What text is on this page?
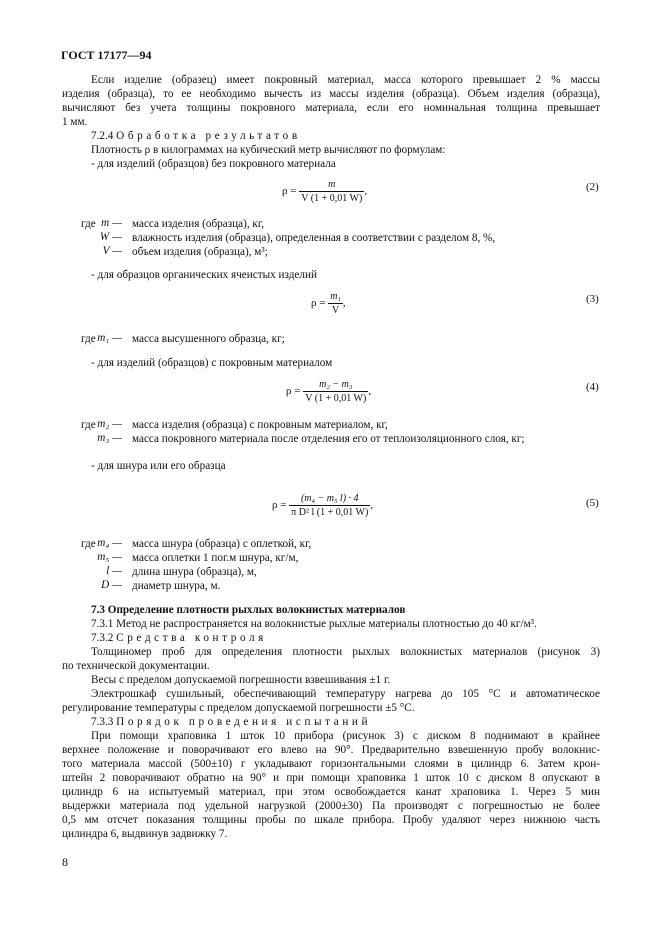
ГОСТ 17177—94
Если изделие (образец) имеет покровный материал, масса которого превышает 2 % массы
изделия (образца), то ее необходимо вычесть из массы изделия (образца). Объем изделия (образца),
вычисляют без учета толщины покровного материала, если его номинальная толщина превышает
1 мм.
7.2.4 Обработка результатов
Плотность ρ в килограммах на кубический метр вычисляют по формулам:
- для изделий (образцов) без покровного материала
$\rho = \frac{m}{V (1 + 0,01 W)}$ ,	(2)
где m — масса изделия (образца), кг,
W — влажность изделия (образца), определенная в соответствии с разделом 8, %,
V — объем изделия (образца), м³;
- для образцов органических ячеистых изделий
$\rho = \frac{\text{m₁}}{V}$ ,	(3)
где m₁ — масса высушенного образца, кг;
- для изделий (образцов) с покровным материалом
$\rho = \frac{\text{m₂ − m₃}}{V (1 + 0,01 W)}$ ,	(4)
где m₂ — масса изделия (образца) с покровным материалом, кг,
m₃ — масса покровного материала после отделения его от теплоизоляционного слоя, кг;
- для шнура или его образца
$\rho = \frac{\text{(m₄ − m₅ l) · 4}}{\text{π D² l (1 + 0,01 W)}}$ ,	(5)
где m₄ — масса шнура (образца) с оплеткой, кг,
m₅ — масса оплетки 1 пог.м шнура, кг/м,
l — длина шнура (образца), м,
D — диаметр шнура, м.
7.3 Определение плотности рыхлых волокнистых материалов
7.3.1 Метод не распространяется на волокнистые рыхлые материалы плотностью до 40 кг/м³.
7.3.2 Средства контроля
Толщиномер проб для определения плотности рыхлых волокнистых материалов (рисунок 3)
по технической документации.
Весы с пределом допускаемой погрешности взвешивания ±1 г.
Электрошкаф сушильный, обеспечивающий температуру нагрева до 105 °С и автоматическое
регулирование температуры с пределом допускаемой погрешности ±5 °С.
7.3.3 Порядок проведения испытаний
При помощи храповика 1 шток 10 прибора (рисунок 3) с диском 8 поднимают в крайнее
верхнее положение и поворачивают его влево на 90°. Предварительно взвешенную пробу волокнис-
того материала массой (500±10) г укладывают горизонтальными слоями в цилиндр 6. Затем крон-
штейн 2 поворачивают обратно на 90° и при помощи храповика 1 шток 10 с диском 8 опускают в
цилиндр 6 на испытуемый материал, при этом освобождается канат храповика 1. Через 5 мин
выдержки материала под удельной нагрузкой (2000±30) Па производят с погрешностью не более
0,5 мм отсчет показания толщины пробы по шкале прибора. Пробу удаляют через нижнюю часть
цилиндра 6, выдвинув задвижку 7.
8
